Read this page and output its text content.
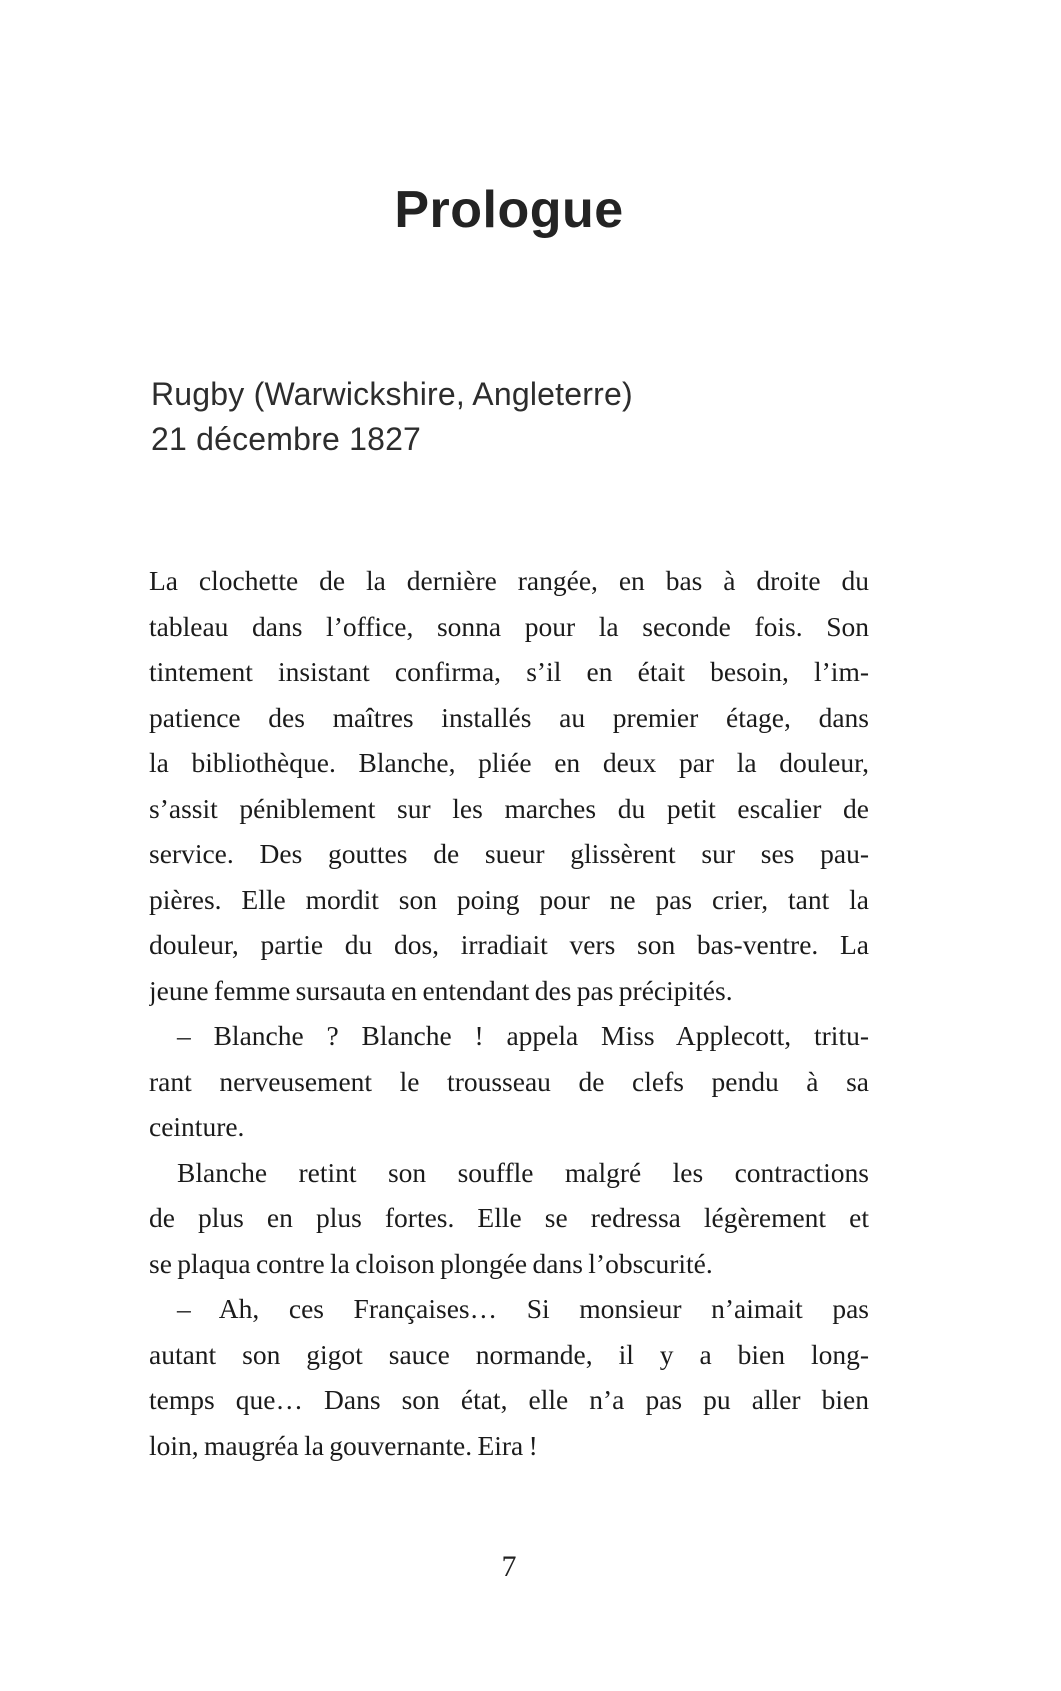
Prologue
Rugby (Warwickshire, Angleterre)
21 décembre 1827
La clochette de la dernière rangée, en bas à droite du
tableau dans l’office, sonna pour la seconde fois. Son
tintement insistant confirma, s’il en était besoin, l’im-
patience des maîtres installés au premier étage, dans
la bibliothèque. Blanche, pliée en deux par la douleur,
s’assit péniblement sur les marches du petit escalier de
service. Des gouttes de sueur glissèrent sur ses pau-
pières. Elle mordit son poing pour ne pas crier, tant la
douleur, partie du dos, irradiait vers son bas-ventre. La
jeune femme sursauta en entendant des pas précipités.
– Blanche ? Blanche ! appela Miss Applecott, tritu-
rant nerveusement le trousseau de clefs pendu à sa
ceinture.
Blanche retint son souffle malgré les contractions
de plus en plus fortes. Elle se redressa légèrement et
se plaqua contre la cloison plongée dans l’obscurité.
– Ah, ces Françaises… Si monsieur n’aimait pas
autant son gigot sauce normande, il y a bien long-
temps que… Dans son état, elle n’a pas pu aller bien
loin, maugréa la gouvernante. Eira !
7
